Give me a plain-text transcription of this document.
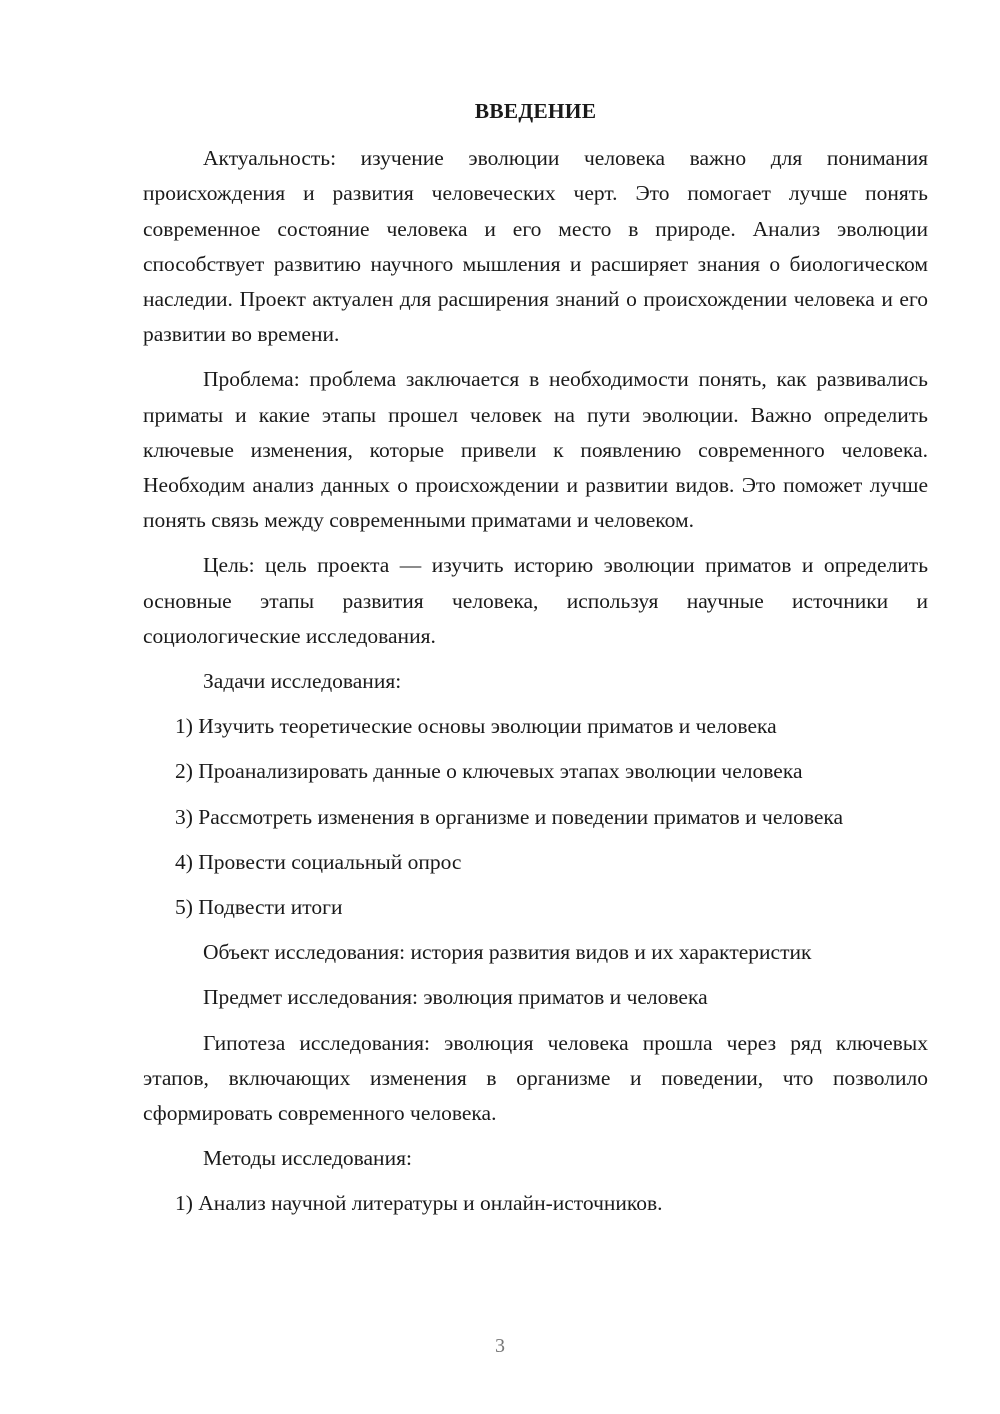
ВВЕДЕНИЕ

Актуальность: изучение эволюции человека важно для понимания происхождения и развития человеческих черт. Это помогает лучше понять современное состояние человека и его место в природе. Анализ эволюции способствует развитию научного мышления и расширяет знания о биологическом наследии. Проект актуален для расширения знаний о происхождении человека и его развитии во времени.

Проблема: проблема заключается в необходимости понять, как развивались приматы и какие этапы прошел человек на пути эволюции. Важно определить ключевые изменения, которые привели к появлению современного человека. Необходим анализ данных о происхождении и развитии видов. Это поможет лучше понять связь между современными приматами и человеком.

Цель: цель проекта — изучить историю эволюции приматов и определить основные этапы развития человека, используя научные источники и социологические исследования.

Задачи исследования:

1) Изучить теоретические основы эволюции приматов и человека

2) Проанализировать данные о ключевых этапах эволюции человека

3) Рассмотреть изменения в организме и поведении приматов и человека

4) Провести социальный опрос

5) Подвести итоги

Объект исследования: история развития видов и их характеристик

Предмет исследования: эволюция приматов и человека

Гипотеза исследования: эволюция человека прошла через ряд ключевых этапов, включающих изменения в организме и поведении, что позволило сформировать современного человека.

Методы исследования:

1) Анализ научной литературы и онлайн-источников.

3
